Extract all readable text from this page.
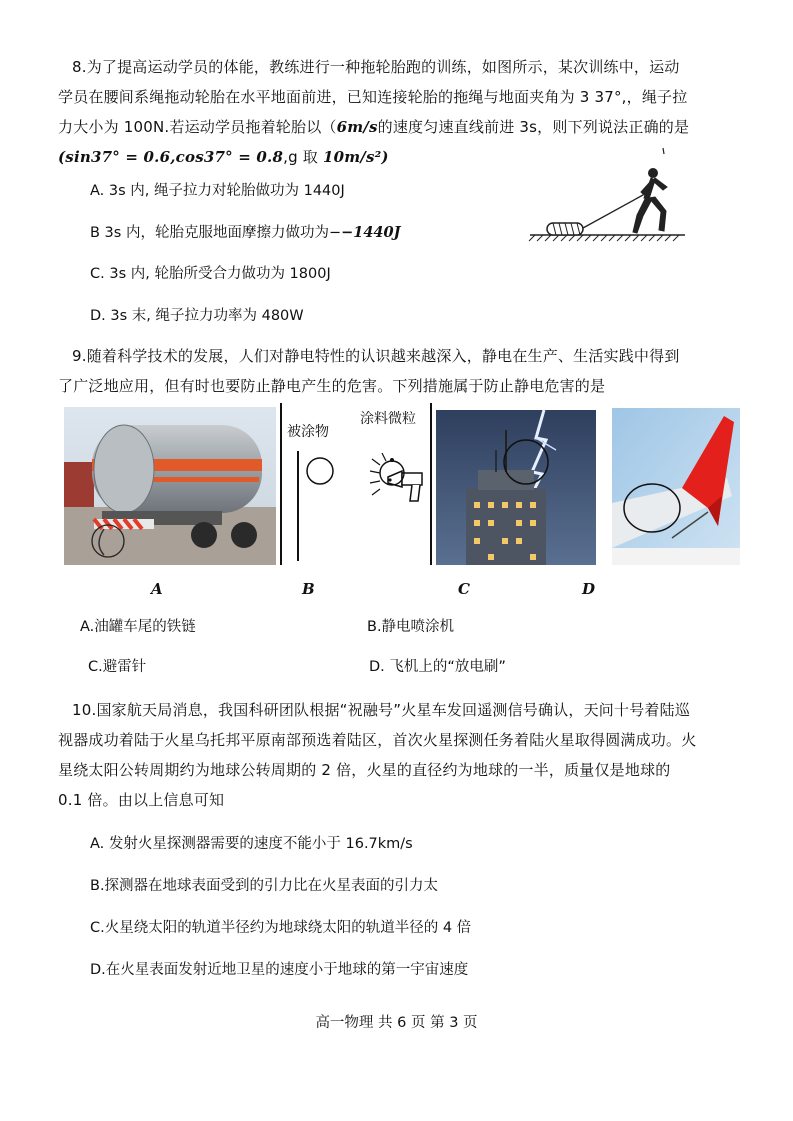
8.为了提高运动学员的体能，教练进行一种拖轮胎跑的训练，如图所示，某次训练中，运动
学员在腰间系绳拖动轮胎在水平地面前进，已知连接轮胎的拖绳与地面夹角为 3 37°,，绳子拉
力大小为 100N.若运动学员拖着轮胎以（6m/s的速度匀速直线前进 3s，则下列说法正确的是
(sin37° = 0.6,cos37° = 0.8,g 取 10m/s²)
A. 3s 内, 绳子拉力对轮胎做功为 1440J
B 3s 内，轮胎克服地面摩擦力做功为−−1440J
C. 3s 内, 轮胎所受合力做功为 1800J
D. 3s 末, 绳子拉力功率为 480W
9.随着科学技术的发展，人们对静电特性的认识越来越深入，静电在生产、生活实践中得到
了广泛地应用，但有时也要防止静电产生的危害。下列措施属于防止静电危害的是
被涂物
涂料微粒
A	B	C	D
A.油罐车尾的铁链	B.静电喷涂机
C.避雷针	D. 飞机上的“放电刷”
10.国家航天局消息，我国科研团队根据“祝融号”火星车发回遥测信号确认，天问十号着陆巡
视器成功着陆于火星乌托邦平原南部预选着陆区，首次火星探测任务着陆火星取得圆满成功。火
星绕太阳公转周期约为地球公转周期的 2 倍，火星的直径约为地球的一半，质量仅是地球的
0.1 倍。由以上信息可知
A. 发射火星探测器需要的速度不能小于 16.7km/s
B.探测器在地球表面受到的引力比在火星表面的引力太
C.火星绕太阳的轨道半径约为地球绕太阳的轨道半径的 4 倍
D.在火星表面发射近地卫星的速度小于地球的第一宇宙速度
高一物理 共 6 页 第 3 页
